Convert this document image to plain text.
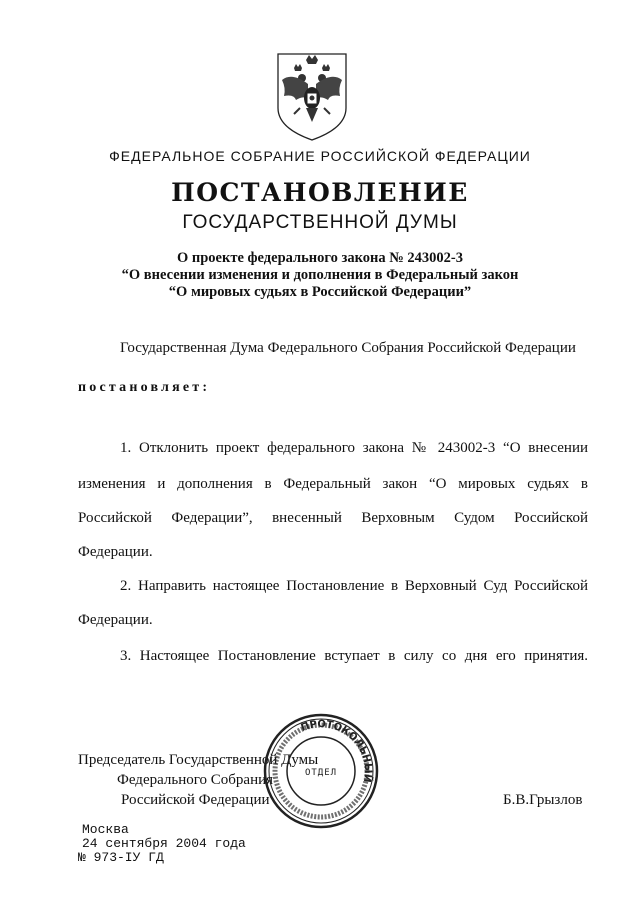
ФЕДЕРАЛЬНОЕ СОБРАНИЕ РОССИЙСКОЙ ФЕДЕРАЦИИ
ПОСТАНОВЛЕНИЕ
ГОСУДАРСТВЕННОЙ ДУМЫ
О проекте федерального закона № 243002-3
“О внесении изменения и дополнения в Федеральный закон
“О мировых судьях в Российской Федерации”
Государственная Дума Федерального Собрания Российской Федерации
постановляет:
1. Отклонить проект федерального закона № 243002-3 “О внесении
изменения и дополнения в Федеральный закон “О мировых судьях в
Российской Федерации”, внесенный Верховным Судом Российской
Федерации.
2. Направить настоящее Постановление в Верховный Суд Российской
Федерации.
3. Настоящее Постановление вступает в силу со дня его принятия.
Председатель Государственной Думы
Федерального Собрания
Российской Федерации	Б.В.Грызлов
ПРОТОКОЛЬНЫЙ
ОТДЕЛ
Москва
24 сентября 2004 года
№ 973-IУ ГД
